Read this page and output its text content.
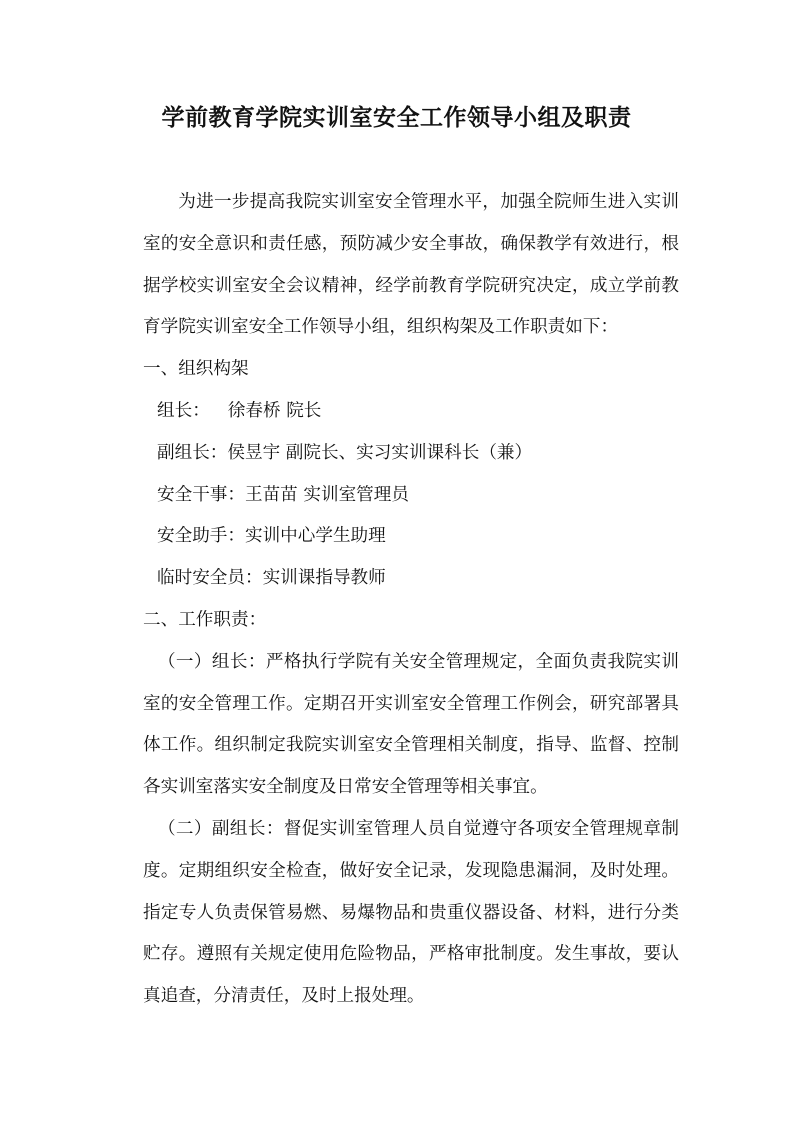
学前教育学院实训室安全工作领导小组及职责

为进一步提高我院实训室安全管理水平，加强全院师生进入实训室的安全意识和责任感，预防减少安全事故，确保教学有效进行，根据学校实训室安全会议精神，经学前教育学院研究决定，成立学前教育学院实训室安全工作领导小组，组织构架及工作职责如下：

一、组织构架

组长： 徐春桥 院长

副组长：侯昱宇 副院长、实习实训课科长（兼）

安全干事：王苗苗 实训室管理员

安全助手：实训中心学生助理

临时安全员：实训课指导教师

二、工作职责：

（一）组长：严格执行学院有关安全管理规定，全面负责我院实训室的安全管理工作。定期召开实训室安全管理工作例会，研究部署具体工作。组织制定我院实训室安全管理相关制度，指导、监督、控制各实训室落实安全制度及日常安全管理等相关事宜。

（二）副组长：督促实训室管理人员自觉遵守各项安全管理规章制度。定期组织安全检查，做好安全记录，发现隐患漏洞，及时处理。指定专人负责保管易燃、易爆物品和贵重仪器设备、材料，进行分类贮存。遵照有关规定使用危险物品，严格审批制度。发生事故，要认真追查，分清责任，及时上报处理。
